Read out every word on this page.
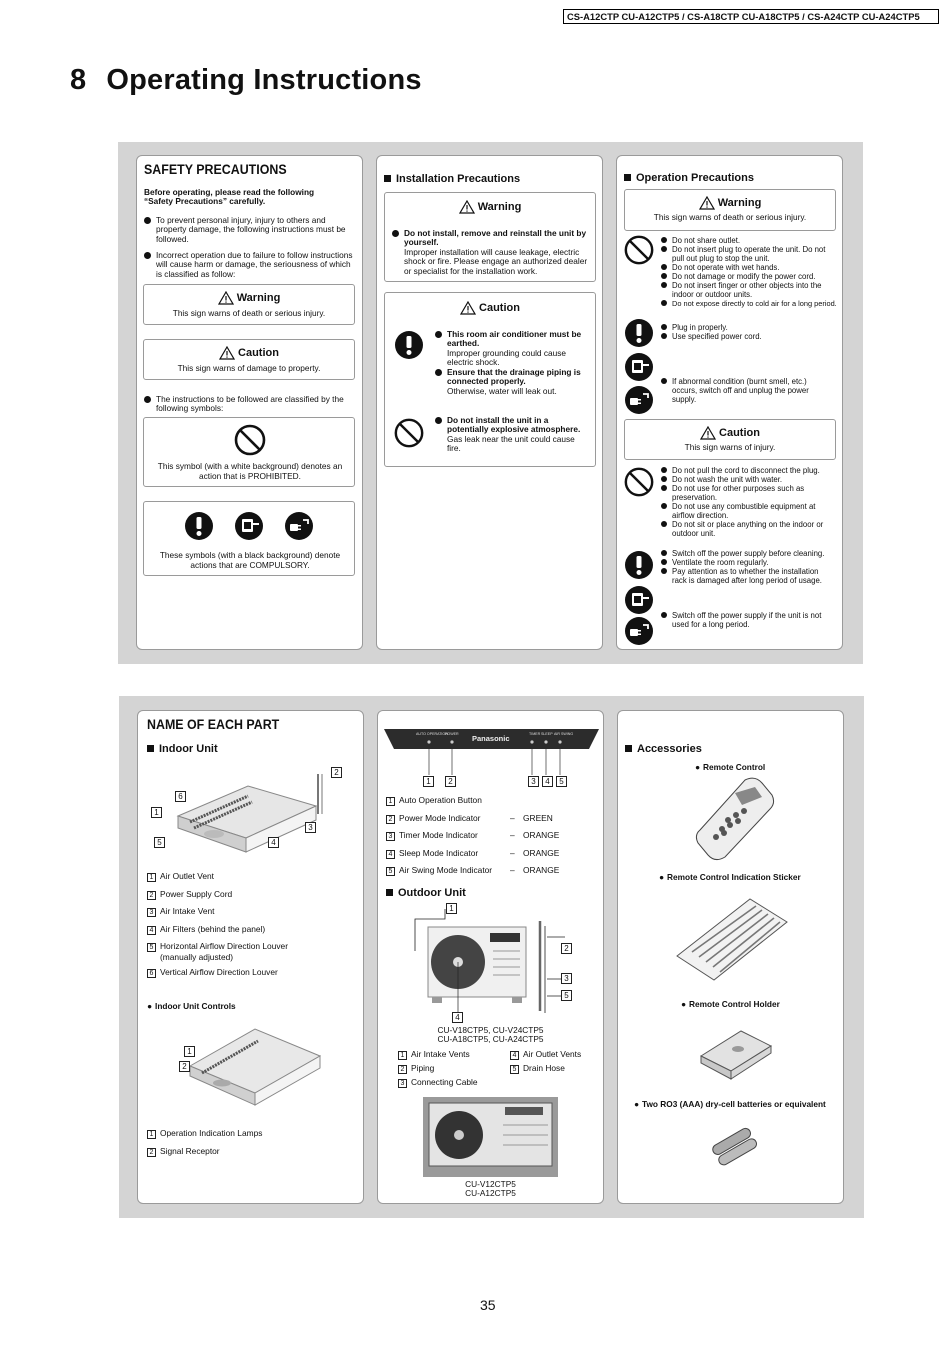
CS-A12CTP CU-A12CTP5 / CS-A18CTP CU-A18CTP5 / CS-A24CTP CU-A24CTP5
8 Operating Instructions
SAFETY PRECAUTIONS
Before operating, please read the following “Safety Precautions” carefully.
To prevent personal injury, injury to others and property damage, the following instructions must be followed.
Incorrect operation due to failure to follow instructions will cause harm or damage, the seriousness of which is classified as follow:
Warning
This sign warns of death or serious injury.
Caution
This sign warns of damage to property.
The instructions to be followed are classified by the following symbols:
This symbol (with a white background) denotes an action that is PROHIBITED.
These symbols (with a black background) denote actions that are COMPULSORY.
Installation Precautions
Warning
Do not install, remove and reinstall the unit by yourself.
Improper installation will cause leakage, electric shock or fire. Please engage an authorized dealer or specialist for the installation work.
Caution
This room air conditioner must be earthed.
Improper grounding could cause electric shock.
Ensure that the drainage piping is connected properly.
Otherwise, water will leak out.
Do not install the unit in a potentially explosive atmosphere.
Gas leak near the unit could cause fire.
Operation Precautions
Warning
This sign warns of death or serious injury.
Do not share outlet.
Do not insert plug to operate the unit. Do not pull out plug to stop the unit.
Do not operate with wet hands.
Do not damage or modify the power cord.
Do not insert finger or other objects into the indoor or outdoor units.
Do not expose directly to cold air for a long period.
Plug in properly.
Use specified power cord.
If abnormal condition (burnt smell, etc.) occurs, switch off and unplug the power supply.
Caution
This sign warns of injury.
Do not pull the cord to disconnect the plug.
Do not wash the unit with water.
Do not use for other purposes such as preservation.
Do not use any combustible equipment at airflow direction.
Do not sit or place anything on the indoor or outdoor unit.
Switch off the power supply before cleaning.
Ventilate the room regularly.
Pay attention as to whether the installation rack is damaged after long period of usage.
Switch off the power supply if the unit is not used for a long period.
NAME OF EACH PART
Indoor Unit
2
6
1
3
5	4
1 Air Outlet Vent
2 Power Supply Cord
3 Air Intake Vent
4 Air Filters (behind the panel)
5 Horizontal Airflow Direction Louver
(manually adjusted)
6 Vertical Airflow Direction Louver
● Indoor Unit Controls
1
2
1 Operation Indication Lamps
2 Signal Receptor
AUTO OPERATION
POWER Panasonic	TIMER SLEEP AIR SWING
1	2	3	4	5
1 Auto Operation Button
2 Power Mode Indicator	– GREEN
3 Timer Mode Indicator	– ORANGE
4 Sleep Mode Indicator	– ORANGE
5 Air Swing Mode Indicator – ORANGE
Outdoor Unit
1
2
3
5
4
CU-V18CTP5, CU-V24CTP5
CU-A18CTP5, CU-A24CTP5
1 Air Intake Vents
2 Piping
3 Connecting Cable
4 Air Outlet Vents
5 Drain Hose
CU-V12CTP5
CU-A12CTP5
Accessories
● Remote Control
● Remote Control Indication Sticker
● Remote Control Holder
● Two RO3 (AAA) dry-cell batteries or equivalent
35
